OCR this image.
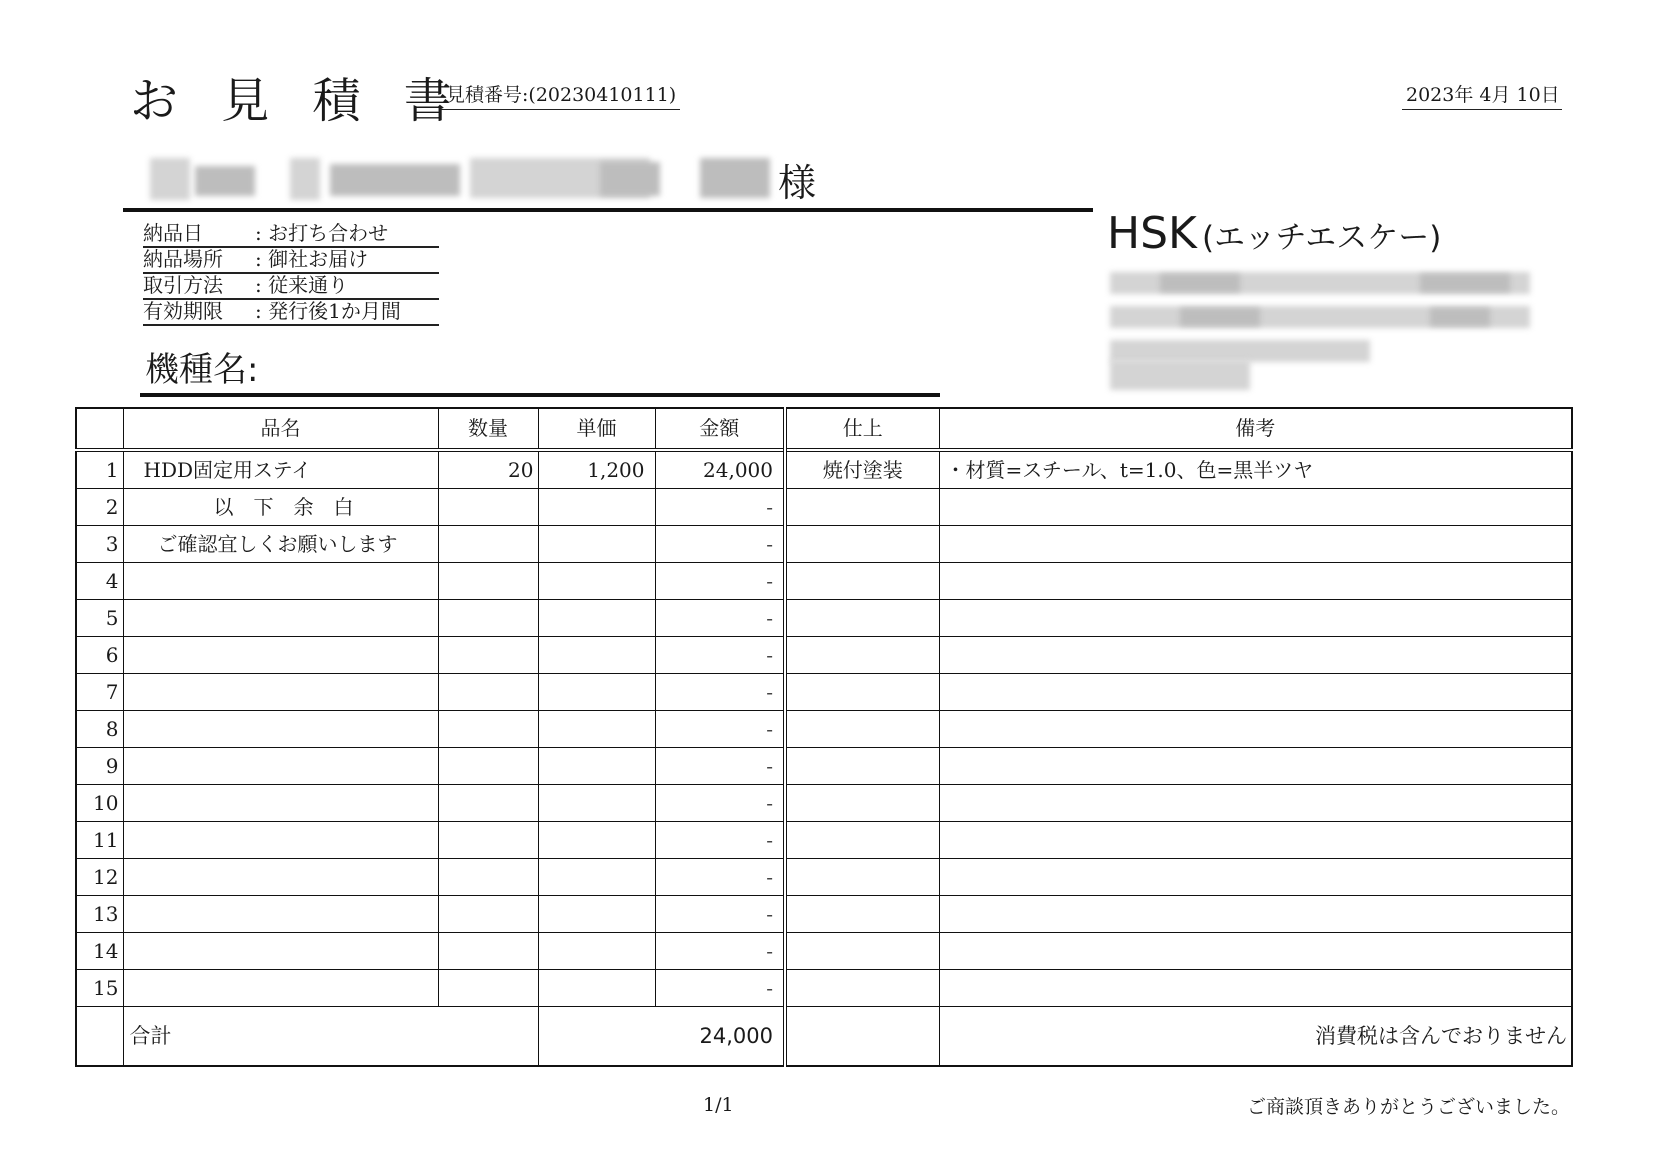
お 見 積 書
見積番号:(20230410111)	2023年 4月 10日
様
納品日	: お打ち合わせ
納品場所	: 御社お届け
取引方法	: 従来通り
有効期限	: 発行後1か月間
機種名:
HSK (エッチエスケー)
	品名	数量	単価	金額	仕上	備考
1	HDD固定用ステイ	20	1,200	24,000	焼付塗装	・材質=スチール、t=1.0、色=黒半ツヤ
2	以下余白			-		
3	ご確認宜しくお願いします			-		
4				-		
5				-		
6				-		
7				-		
8				-		
9				-		
10				-		
11				-		
12				-		
13				-		
14				-		
15				-		
	合計		24,000			消費税は含んでおりません
1/1	ご商談頂きありがとうございました。
